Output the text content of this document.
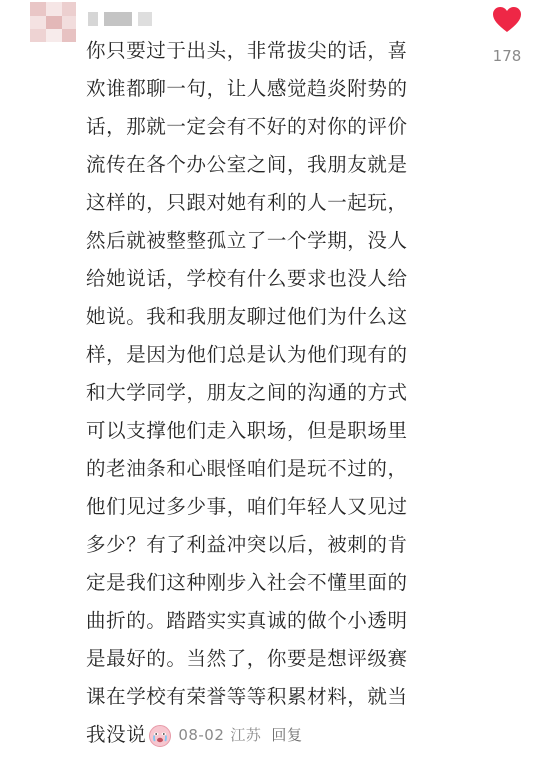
你只要过于出头，非常拔尖的话，喜
欢谁都聊一句，让人感觉趋炎附势的
话，那就一定会有不好的对你的评价
流传在各个办公室之间，我朋友就是
这样的，只跟对她有利的人一起玩，
然后就被整整孤立了一个学期，没人
给她说话，学校有什么要求也没人给
她说。我和我朋友聊过他们为什么这
样，是因为他们总是认为他们现有的
和大学同学，朋友之间的沟通的方式
可以支撑他们走入职场，但是职场里
的老油条和心眼怪咱们是玩不过的，
他们见过多少事，咱们年轻人又见过
多少？有了利益冲突以后，被刺的肯
定是我们这种刚步入社会不懂里面的
曲折的。踏踏实实真诚的做个小透明
是最好的。当然了，你要是想评级赛
课在学校有荣誉等等积累材料，就当
我没说 08-02 江苏 回复
178
